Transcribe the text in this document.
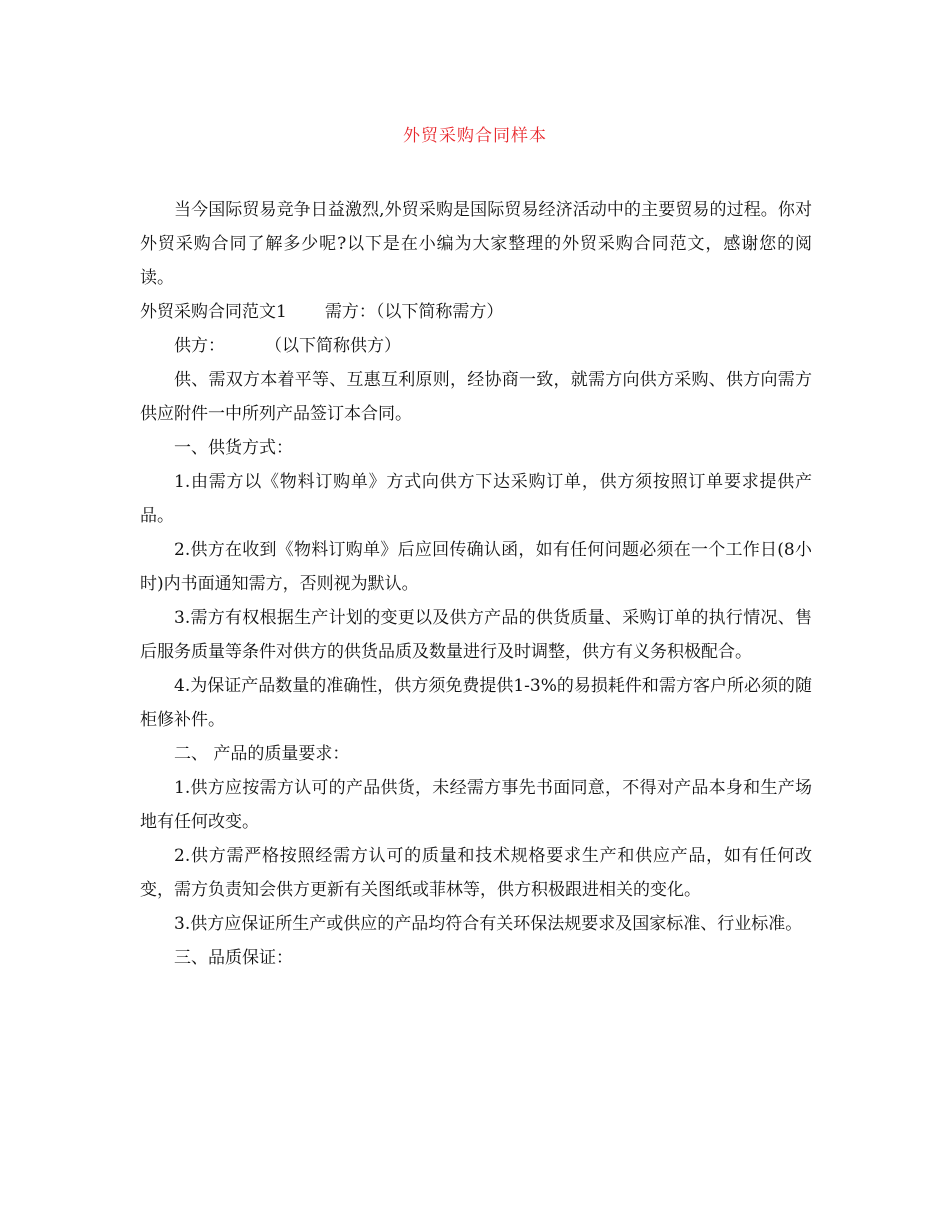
外贸采购合同样本

当今国际贸易竞争日益激烈,外贸采购是国际贸易经济活动中的主要贸易的过程。你对外贸采购合同了解多少呢?以下是在小编为大家整理的外贸采购合同范文，感谢您的阅读。

外贸采购合同范文1 需方：（以下简称需方）

供方： （以下简称供方）

供、需双方本着平等、互惠互利原则，经协商一致，就需方向供方采购、供方向需方供应附件一中所列产品签订本合同。

一、供货方式：

1.由需方以《物料订购单》方式向供方下达采购订单，供方须按照订单要求提供产品。

2.供方在收到《物料订购单》后应回传确认函，如有任何问题必须在一个工作日(8小时)内书面通知需方，否则视为默认。

3.需方有权根据生产计划的变更以及供方产品的供货质量、采购订单的执行情况、售后服务质量等条件对供方的供货品质及数量进行及时调整，供方有义务积极配合。

4.为保证产品数量的准确性，供方须免费提供1-3%的易损耗件和需方客户所必须的随柜修补件。

二、 产品的质量要求：

1.供方应按需方认可的产品供货，未经需方事先书面同意，不得对产品本身和生产场地有任何改变。

2.供方需严格按照经需方认可的质量和技术规格要求生产和供应产品，如有任何改变，需方负责知会供方更新有关图纸或菲林等，供方积极跟进相关的变化。

3.供方应保证所生产或供应的产品均符合有关环保法规要求及国家标准、行业标准。

三、品质保证：
